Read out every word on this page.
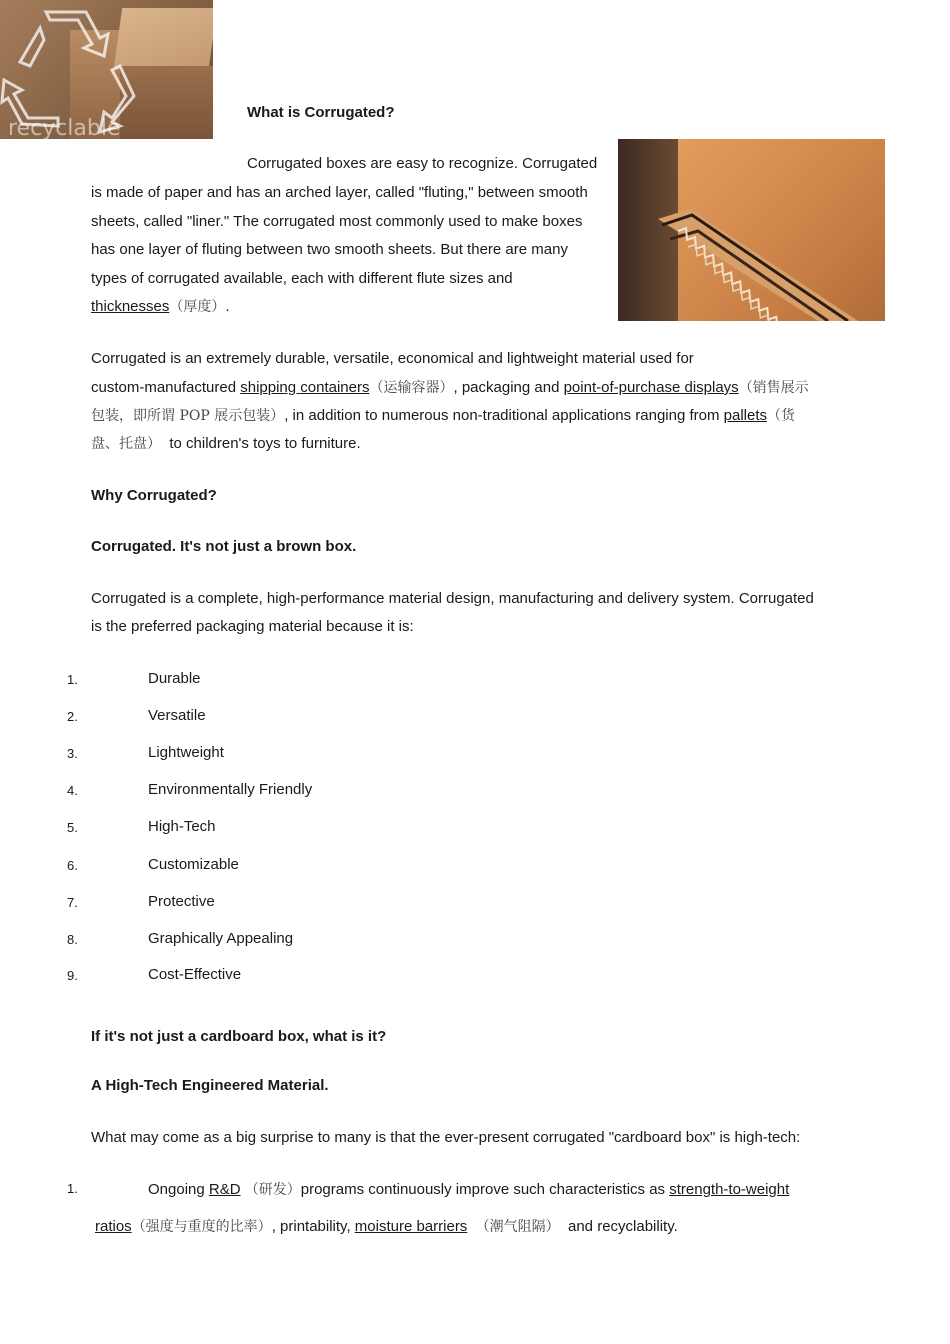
recyclable
What is Corrugated?
Corrugated boxes are easy to recognize. Corrugated
is made of paper and has an arched layer, called "fluting," between smooth
sheets, called "liner." The corrugated most commonly used to make boxes
has one layer of fluting between two smooth sheets. But there are many
types of corrugated available, each with different flute sizes and
thicknesses（厚度）.
Corrugated is an extremely durable, versatile, economical and lightweight material used for
custom-manufactured shipping containers（运输容器）, packaging and point-of-purchase displays（销售展示
包装，即所谓 POP 展示包装）, in addition to numerous non-traditional applications ranging from pallets（货
盘、托盘） to children's toys to furniture.
Why Corrugated?
Corrugated. It's not just a brown box.
Corrugated is a complete, high-performance material design, manufacturing and delivery system. Corrugated
is the preferred packaging material because it is:
1.	Durable
2.	Versatile
3.	Lightweight
4.	Environmentally Friendly
5.	High-Tech
6.	Customizable
7.	Protective
8.	Graphically Appealing
9.	Cost-Effective
If it's not just a cardboard box, what is it?
A High-Tech Engineered Material.
What may come as a big surprise to many is that the ever-present corrugated "cardboard box" is high-tech:
1.	Ongoing R&D （研发）programs continuously improve such characteristics as strength-to-weight
ratios（强度与重度的比率）, printability, moisture barriers （潮气阻隔） and recyclability.
